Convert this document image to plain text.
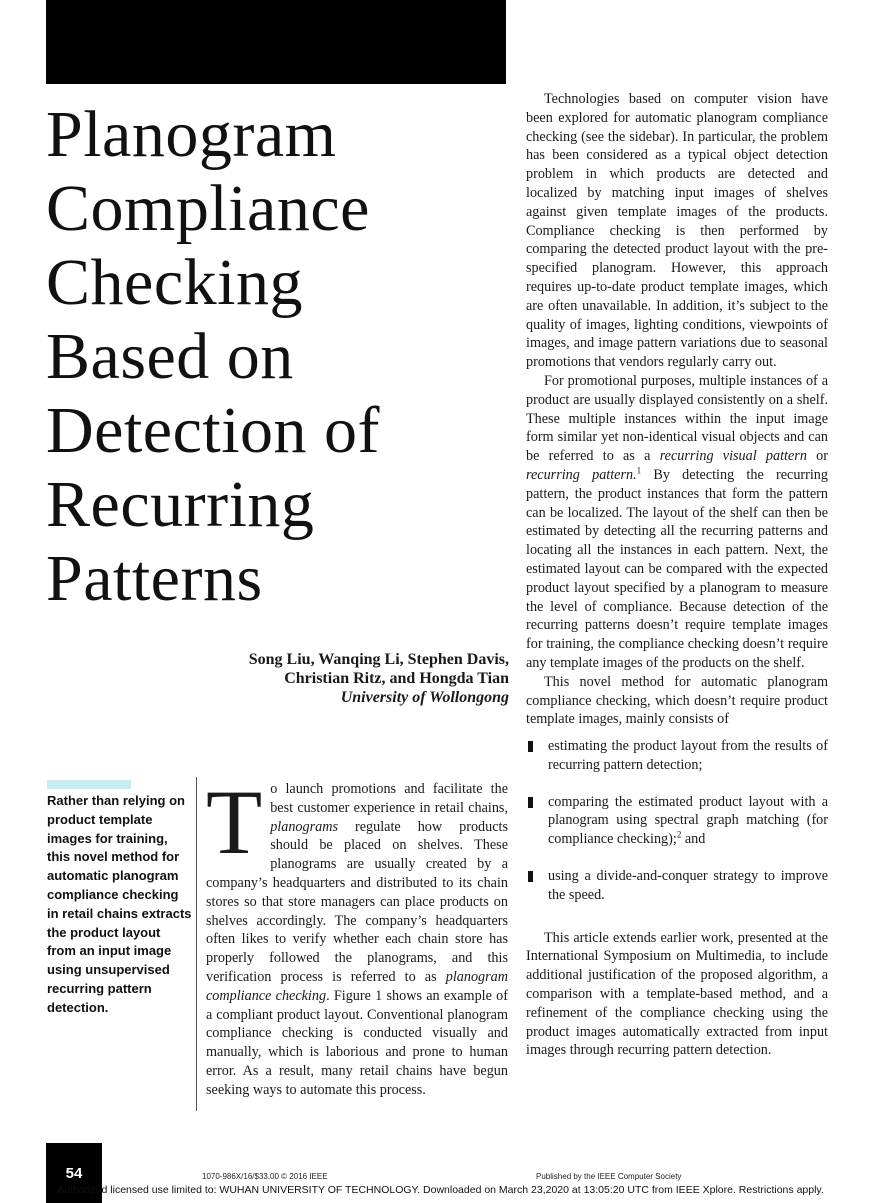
Planogram
Compliance
Checking
Based on
Detection of
Recurring
Patterns
Song Liu, Wanqing Li, Stephen Davis,
Christian Ritz, and Hongda Tian
University of Wollongong
Rather than relying on product template images for training, this novel method for automatic planogram compliance checking in retail chains extracts the product layout from an input image using unsupervised recurring pattern detection.

To launch promotions and facilitate the best customer experience in retail chains, planograms regulate how products should be placed on shelves. These planograms are usually created by a company’s headquarters and distributed to its chain stores so that store managers can place products on shelves accordingly. The company’s headquarters often likes to verify whether each chain store has properly followed the planograms, and this verification process is referred to as planogram compliance checking. Figure 1 shows an example of a compliant product layout. Conventional planogram compliance checking is conducted visually and manually, which is laborious and prone to human error. As a result, many retail chains have begun seeking ways to automate this process.

Technologies based on computer vision have been explored for automatic planogram compliance checking (see the sidebar). In particular, the problem has been considered as a typical object detection problem in which products are detected and localized by matching input images of shelves against given template images of the products. Compliance checking is then performed by comparing the detected product layout with the pre-specified planogram. However, this approach requires up-to-date product template images, which are often unavailable. In addition, it’s subject to the quality of images, lighting conditions, viewpoints of images, and image pattern variations due to seasonal promotions that vendors regularly carry out.

For promotional purposes, multiple instances of a product are usually displayed consistently on a shelf. These multiple instances within the input image form similar yet non-identical visual objects and can be referred to as a recurring visual pattern or recurring pattern.$^1$ By detecting the recurring pattern, the product instances that form the pattern can be localized. The layout of the shelf can then be estimated by detecting all the recurring patterns and locating all the instances in each pattern. Next, the estimated layout can be compared with the expected product layout specified by a planogram to measure the level of compliance. Because detection of the recurring patterns doesn’t require template images for training, the compliance checking doesn’t require any template images of the products on the shelf.

This novel method for automatic planogram compliance checking, which doesn’t require product template images, mainly consists of

estimating the product layout from the results of recurring pattern detection;
comparing the estimated product layout with a planogram using spectral graph matching (for compliance checking);$^2$ and
using a divide-and-conquer strategy to improve the speed.

This article extends earlier work, presented at the International Symposium on Multimedia, to include additional justification of the proposed algorithm, a comparison with a template-based method, and a refinement of the compliance checking using the product images automatically extracted from input images through recurring pattern detection.

54	1070-986X/16/$33.00 © 2016 IEEE	Published by the IEEE Computer Society
Authorized licensed use limited to: WUHAN UNIVERSITY OF TECHNOLOGY. Downloaded on March 23,2020 at 13:05:20 UTC from IEEE Xplore. Restrictions apply.
